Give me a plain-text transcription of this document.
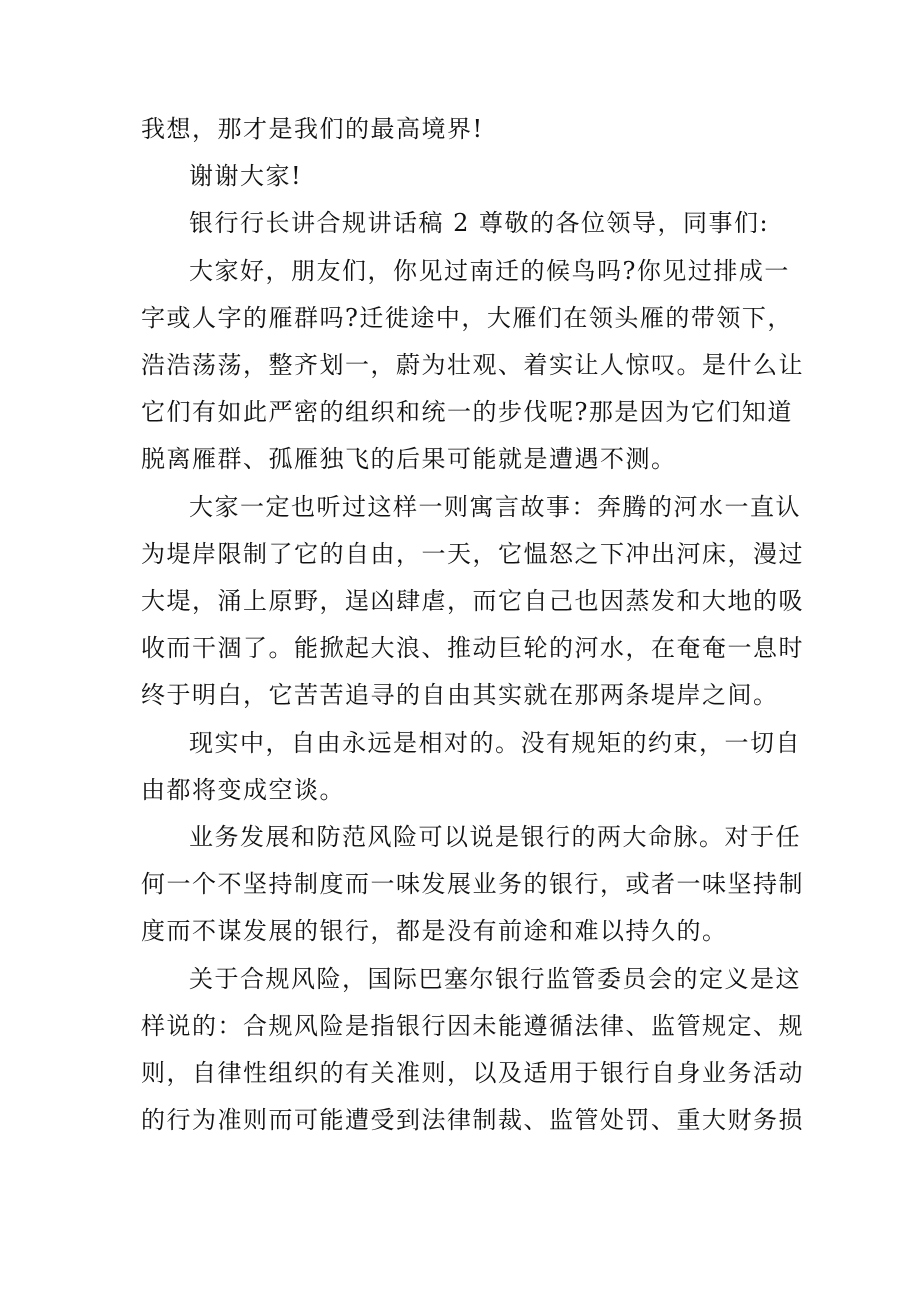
我想，那才是我们的最高境界!

谢谢大家!

银行行长讲合规讲话稿 2 尊敬的各位领导，同事们:

大家好，朋友们，你见过南迁的候鸟吗?你见过排成一
字或人字的雁群吗?迁徙途中，大雁们在领头雁的带领下，
浩浩荡荡，整齐划一，蔚为壮观、着实让人惊叹。是什么让
它们有如此严密的组织和统一的步伐呢?那是因为它们知道
脱离雁群、孤雁独飞的后果可能就是遭遇不测。

大家一定也听过这样一则寓言故事：奔腾的河水一直认
为堤岸限制了它的自由，一天，它愠怒之下冲出河床，漫过
大堤，涌上原野，逞凶肆虐，而它自己也因蒸发和大地的吸
收而干涸了。能掀起大浪、推动巨轮的河水，在奄奄一息时
终于明白，它苦苦追寻的自由其实就在那两条堤岸之间。

现实中，自由永远是相对的。没有规矩的约束，一切自
由都将变成空谈。

业务发展和防范风险可以说是银行的两大命脉。对于任
何一个不坚持制度而一味发展业务的银行，或者一味坚持制
度而不谋发展的银行，都是没有前途和难以持久的。

关于合规风险，国际巴塞尔银行监管委员会的定义是这
样说的：合规风险是指银行因未能遵循法律、监管规定、规
则，自律性组织的有关准则，以及适用于银行自身业务活动
的行为准则而可能遭受到法律制裁、监管处罚、重大财务损
